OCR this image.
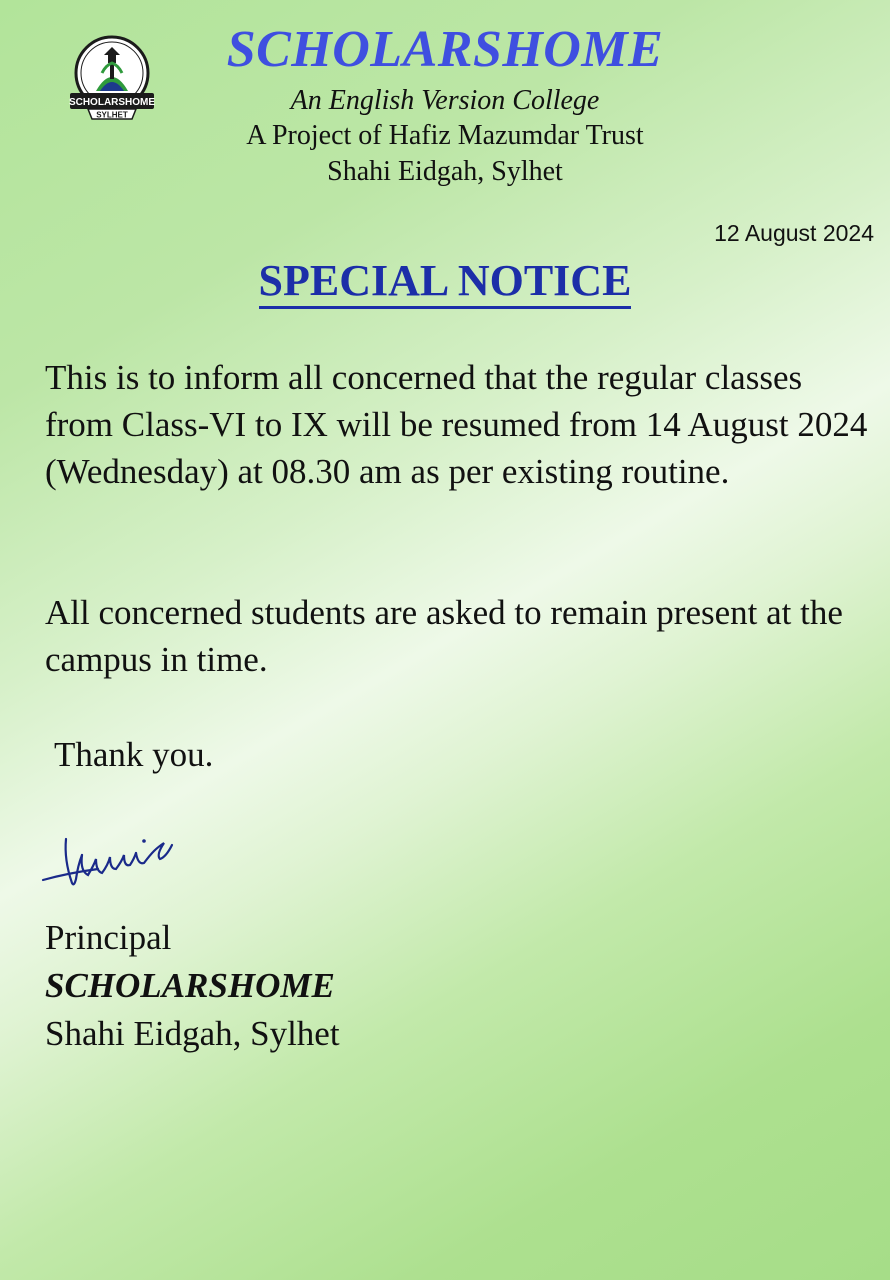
SCHOLARSHOME
SYLHET
SCHOLARSHOME
An English Version College
A Project of Hafiz Mazumdar Trust
Shahi Eidgah, Sylhet
12 August 2024
SPECIAL NOTICE

This is to inform all concerned that the regular classes from Class-VI to IX will be resumed from 14 August 2024 (Wednesday) at 08.30 am as per existing routine.

All concerned students are asked to remain present at the campus in time.

Thank you.

Principal
SCHOLARSHOME
Shahi Eidgah, Sylhet
